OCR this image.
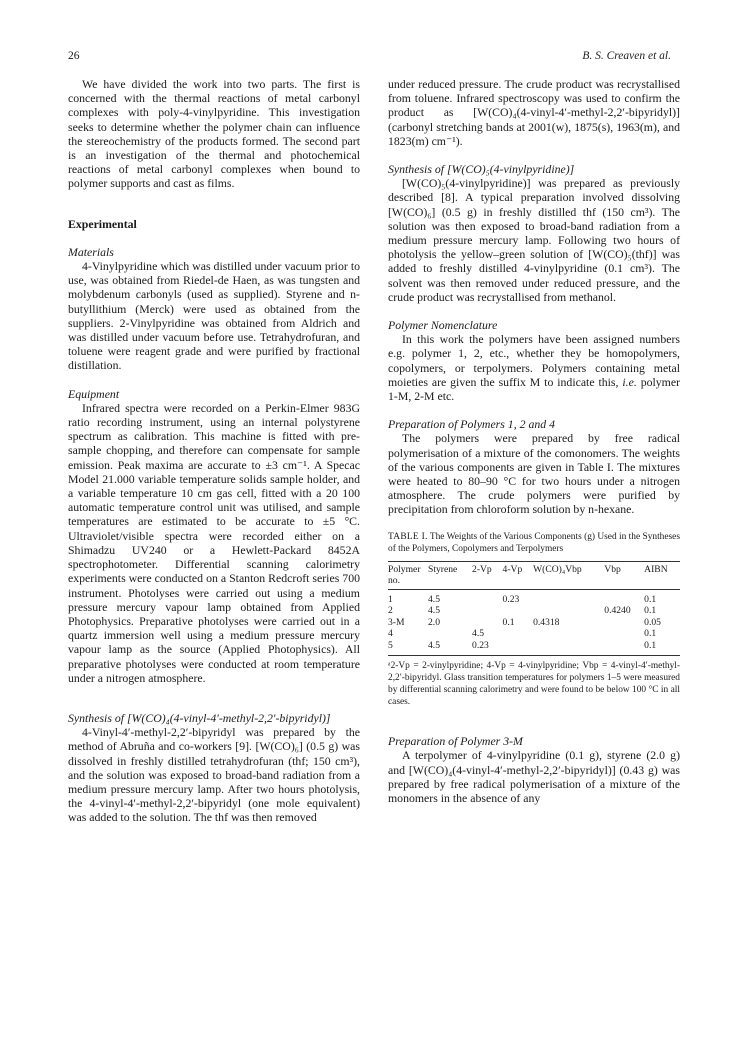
26	B. S. Creaven et al.

We have divided the work into two parts. The first is concerned with the thermal reactions of metal carbonyl complexes with poly-4-vinylpyridine. This investigation seeks to determine whether the polymer chain can influence the stereochemistry of the products formed. The second part is an investigation of the thermal and photochemical reactions of metal carbonyl complexes when bound to polymer supports and cast as films.

Experimental
Materials

4-Vinylpyridine which was distilled under vacuum prior to use, was obtained from Riedel-de Haen, as was tungsten and molybdenum carbonyls (used as supplied). Styrene and n-butyllithium (Merck) were used as obtained from the suppliers. 2-Vinylpyridine was obtained from Aldrich and was distilled under vacuum before use. Tetrahydrofuran, and toluene were reagent grade and were purified by fractional distillation.

Equipment

Infrared spectra were recorded on a Perkin-Elmer 983G ratio recording instrument, using an internal polystyrene spectrum as calibration. This machine is fitted with pre-sample chopping, and therefore can compensate for sample emission. Peak maxima are accurate to ±3 cm⁻¹. A Specac Model 21.000 variable temperature solids sample holder, and a variable temperature 10 cm gas cell, fitted with a 20 100 automatic temperature control unit was utilised, and sample temperatures are estimated to be accurate to ±5 °C. Ultraviolet/visible spectra were recorded either on a Shimadzu UV240 or a Hewlett-Packard 8452A spectrophotometer. Differential scanning calorimetry experiments were conducted on a Stanton Redcroft series 700 instrument. Photolyses were carried out using a medium pressure mercury vapour lamp obtained from Applied Photophysics. Preparative photolyses were carried out in a quartz immersion well using a medium pressure mercury vapour lamp as the source (Applied Photophysics). All preparative photolyses were conducted at room temperature under a nitrogen atmosphere.

Synthesis of [W(CO)₄(4-vinyl-4′-methyl-2,2′-bipyridyl)]

4-Vinyl-4′-methyl-2,2′-bipyridyl was prepared by the method of Abruña and co-workers [9]. [W(CO)₆] (0.5 g) was dissolved in freshly distilled tetrahydrofuran (thf; 150 cm³), and the solution was exposed to broad-band radiation from a medium pressure mercury lamp. After two hours photolysis, the 4-vinyl-4′-methyl-2,2′-bipyridyl (one mole equivalent) was added to the solution. The thf was then removed

under reduced pressure. The crude product was recrystallised from toluene. Infrared spectroscopy was used to confirm the product as [W(CO)₄(4-vinyl-4′-methyl-2,2′-bipyridyl)] (carbonyl stretching bands at 2001(w), 1875(s), 1963(m), and 1823(m) cm⁻¹).

Synthesis of [W(CO)₅(4-vinylpyridine)]

[W(CO)₅(4-vinylpyridine)] was prepared as previously described [8]. A typical preparation involved dissolving [W(CO)₆] (0.5 g) in freshly distilled thf (150 cm³). The solution was then exposed to broad-band radiation from a medium pressure mercury lamp. Following two hours of photolysis the yellow–green solution of [W(CO)₅(thf)] was added to freshly distilled 4-vinylpyridine (0.1 cm³). The solvent was then removed under reduced pressure, and the crude product was recrystallised from methanol.

Polymer Nomenclature

In this work the polymers have been assigned numbers e.g. polymer 1, 2, etc., whether they be homopolymers, copolymers, or terpolymers. Polymers containing metal moieties are given the suffix M to indicate this, i.e. polymer 1-M, 2-M etc.

Preparation of Polymers 1, 2 and 4

The polymers were prepared by free radical polymerisation of a mixture of the comonomers. The weights of the various components are given in Table I. The mixtures were heated to 80–90 °C for two hours under a nitrogen atmosphere. The crude polymers were purified by precipitation from chloroform solution by n-hexane.

TABLE I. The Weights of the Various Components (g) Used in the Syntheses of the Polymers, Copolymers and Terpolymers

Polymer no.	Styrene	2-Vp	4-Vp	W(CO)₄Vbp	Vbp	AIBN

1	4.5		0.23			0.1
2	4.5				0.4240	0.1
3-M	2.0		0.1	0.4318		0.05
4		4.5				0.1
5	4.5	0.23				0.1

ᵃ2-Vp = 2-vinylpyridine; 4-Vp = 4-vinylpyridine; Vbp = 4-vinyl-4′-methyl-2,2′-bipyridyl. Glass transition temperatures for polymers 1–5 were measured by differential scanning calorimetry and were found to be below 100 °C in all cases.

Preparation of Polymer 3-M

A terpolymer of 4-vinylpyridine (0.1 g), styrene (2.0 g) and [W(CO)₄(4-vinyl-4′-methyl-2,2′-bipyridyl)] (0.43 g) was prepared by free radical polymerisation of a mixture of the monomers in the absence of any
